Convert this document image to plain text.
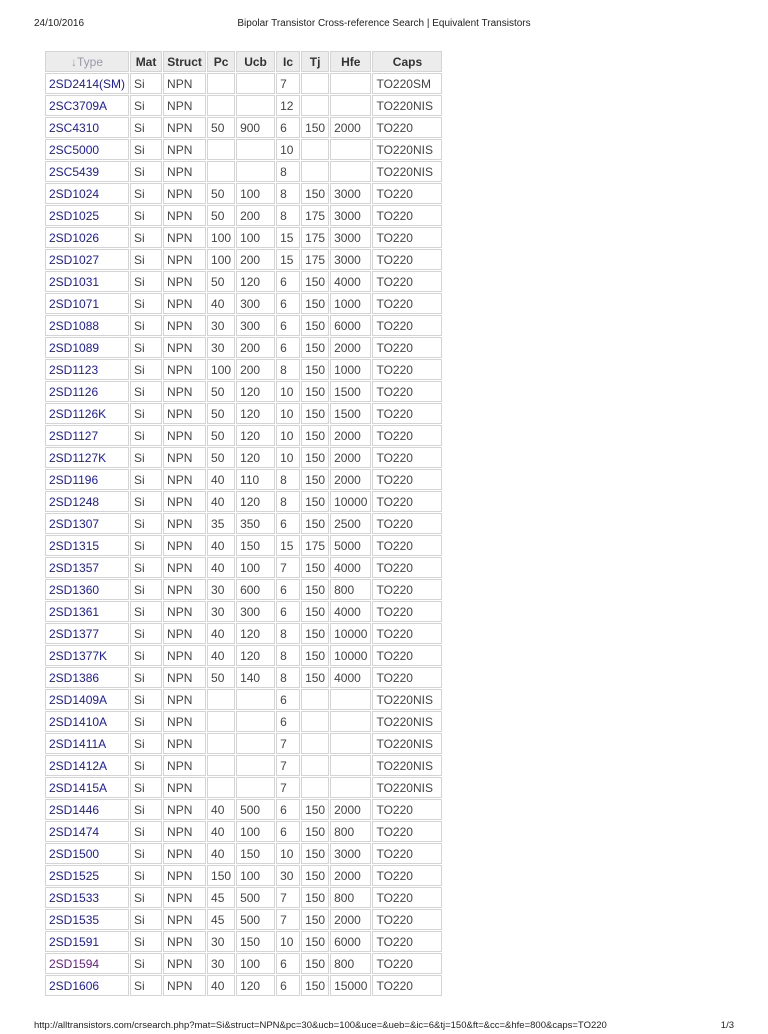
24/10/2016	Bipolar Transistor Cross-reference Search | Equivalent Transistors
↓Type	Mat	Struct	Pc	Ucb	Ic	Tj	Hfe	Caps
2SD2414(SM)	Si	NPN			7			TO220SM
2SC3709A	Si	NPN			12			TO220NIS
2SC4310	Si	NPN	50	900	6	150	2000	TO220
2SC5000	Si	NPN			10			TO220NIS
2SC5439	Si	NPN			8			TO220NIS
2SD1024	Si	NPN	50	100	8	150	3000	TO220
2SD1025	Si	NPN	50	200	8	175	3000	TO220
2SD1026	Si	NPN	100	100	15	175	3000	TO220
2SD1027	Si	NPN	100	200	15	175	3000	TO220
2SD1031	Si	NPN	50	120	6	150	4000	TO220
2SD1071	Si	NPN	40	300	6	150	1000	TO220
2SD1088	Si	NPN	30	300	6	150	6000	TO220
2SD1089	Si	NPN	30	200	6	150	2000	TO220
2SD1123	Si	NPN	100	200	8	150	1000	TO220
2SD1126	Si	NPN	50	120	10	150	1500	TO220
2SD1126K	Si	NPN	50	120	10	150	1500	TO220
2SD1127	Si	NPN	50	120	10	150	2000	TO220
2SD1127K	Si	NPN	50	120	10	150	2000	TO220
2SD1196	Si	NPN	40	110	8	150	2000	TO220
2SD1248	Si	NPN	40	120	8	150	10000	TO220
2SD1307	Si	NPN	35	350	6	150	2500	TO220
2SD1315	Si	NPN	40	150	15	175	5000	TO220
2SD1357	Si	NPN	40	100	7	150	4000	TO220
2SD1360	Si	NPN	30	600	6	150	800	TO220
2SD1361	Si	NPN	30	300	6	150	4000	TO220
2SD1377	Si	NPN	40	120	8	150	10000	TO220
2SD1377K	Si	NPN	40	120	8	150	10000	TO220
2SD1386	Si	NPN	50	140	8	150	4000	TO220
2SD1409A	Si	NPN			6			TO220NIS
2SD1410A	Si	NPN			6			TO220NIS
2SD1411A	Si	NPN			7			TO220NIS
2SD1412A	Si	NPN			7			TO220NIS
2SD1415A	Si	NPN			7			TO220NIS
2SD1446	Si	NPN	40	500	6	150	2000	TO220
2SD1474	Si	NPN	40	100	6	150	800	TO220
2SD1500	Si	NPN	40	150	10	150	3000	TO220
2SD1525	Si	NPN	150	100	30	150	2000	TO220
2SD1533	Si	NPN	45	500	7	150	800	TO220
2SD1535	Si	NPN	45	500	7	150	2000	TO220
2SD1591	Si	NPN	30	150	10	150	6000	TO220
2SD1594	Si	NPN	30	100	6	150	800	TO220
2SD1606	Si	NPN	40	120	6	150	15000	TO220
http://alltransistors.com/crsearch.php?mat=Si&struct=NPN&pc=30&ucb=100&uce=&ueb=&ic=6&tj=150&ft=&cc=&hfe=800&caps=TO220	1/3
